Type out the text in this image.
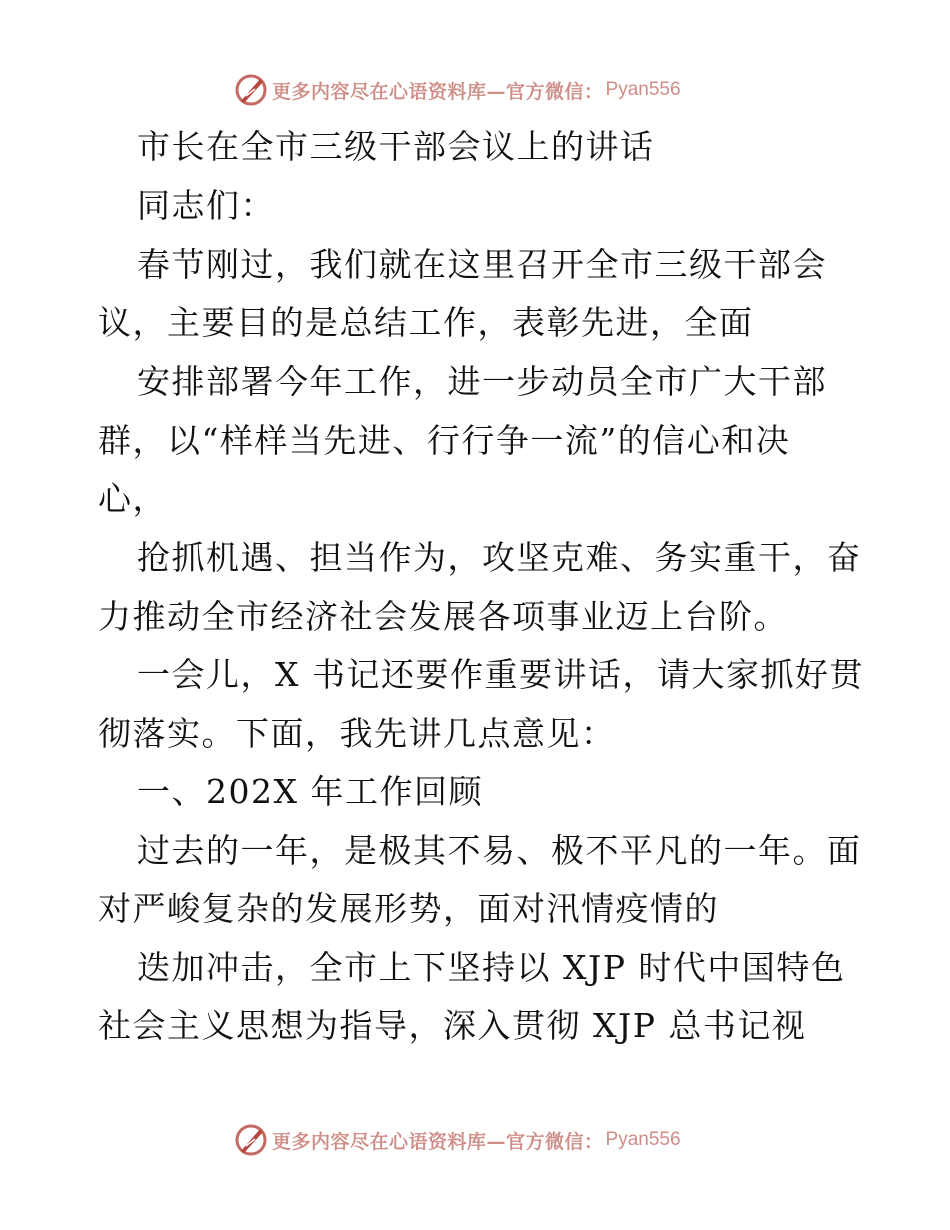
更多内容尽在心语资料库—官方微信： Pyan556

市长在全市三级干部会议上的讲话

同志们：

春节刚过，我们就在这里召开全市三级干部会

议，主要目的是总结工作，表彰先进，全面

安排部署今年工作，进一步动员全市广大干部

群，以“样样当先进、行行争一流”的信心和决

心，

抢抓机遇、担当作为，攻坚克难、务实重干，奋

力推动全市经济社会发展各项事业迈上台阶。

一会儿，X 书记还要作重要讲话，请大家抓好贯

彻落实。下面，我先讲几点意见：

一、202X 年工作回顾

过去的一年，是极其不易、极不平凡的一年。面

对严峻复杂的发展形势，面对汛情疫情的

迭加冲击，全市上下坚持以 XJP 时代中国特色

社会主义思想为指导，深入贯彻 XJP 总书记视

更多内容尽在心语资料库—官方微信： Pyan556
